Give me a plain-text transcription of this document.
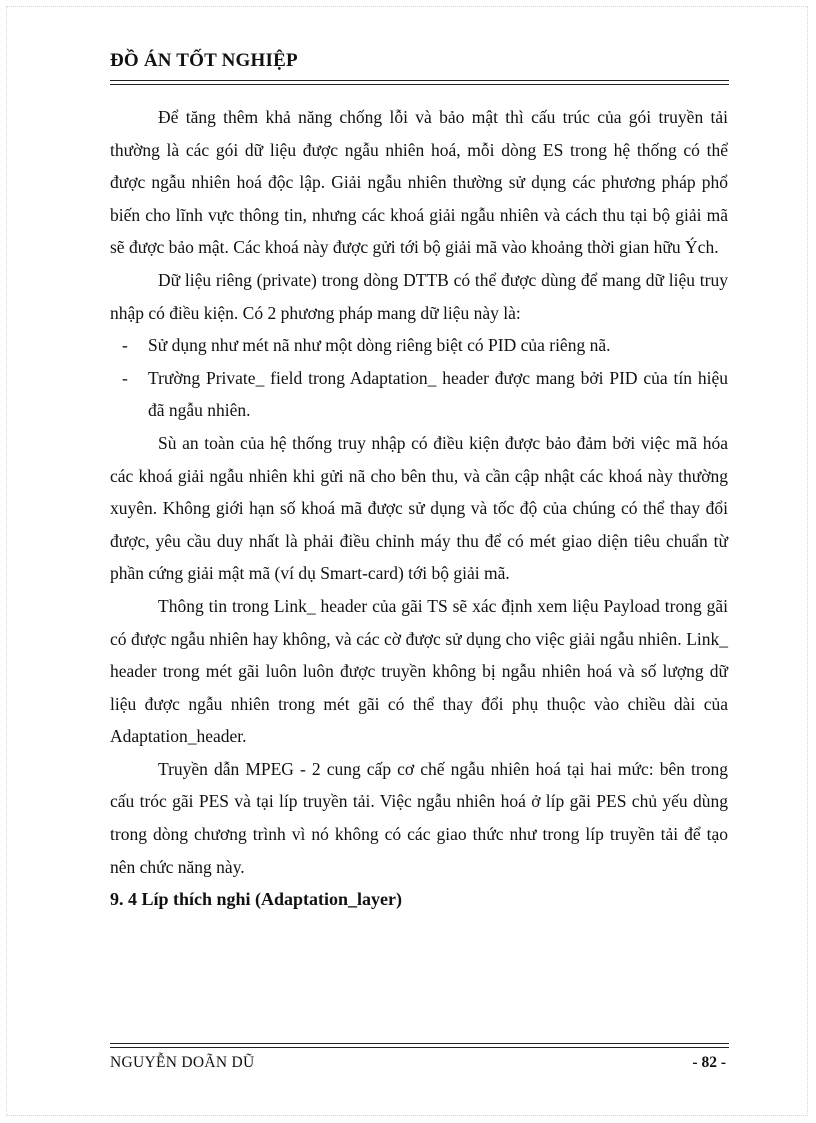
ĐỒ ÁN TỐT NGHIỆP

Để tăng thêm khả năng chống lỗi và bảo mật thì cấu trúc của gói truyền tải thường là các gói dữ liệu được ngẫu nhiên hoá, mỗi dòng ES trong hệ thống có thể được ngẫu nhiên hoá độc lập. Giải ngẫu nhiên thường sử dụng các phương pháp phổ biến cho lĩnh vực thông tin, nhưng các khoá giải ngẫu nhiên và cách thu tại bộ giải mã sẽ được bảo mật. Các khoá này được gửi tới bộ giải mã vào khoảng thời gian hữu Ých.

Dữ liệu riêng (private) trong dòng DTTB có thể được dùng để mang dữ liệu truy nhập có điều kiện. Có 2 phương pháp mang dữ liệu này là:

- Sử dụng như mét nã như một dòng riêng biệt có PID của riêng nã.
- Trường Private_ field trong Adaptation_ header được mang bởi PID của tín hiệu đã ngẫu nhiên.

Sù an toàn của hệ thống truy nhập có điều kiện được bảo đảm bởi việc mã hóa các khoá giải ngẫu nhiên khi gửi nã cho bên thu, và cần cập nhật các khoá này thường xuyên. Không giới hạn số khoá mã được sử dụng và tốc độ của chúng có thể thay đổi được, yêu cầu duy nhất là phải điều chỉnh máy thu để có mét giao diện tiêu chuẩn từ phần cứng giải mật mã (ví dụ Smart-card) tới bộ giải mã.

Thông tin trong Link_ header của gãi TS sẽ xác định xem liệu Payload trong gãi có được ngẫu nhiên hay không, và các cờ được sử dụng cho việc giải ngẫu nhiên. Link_ header trong mét gãi luôn luôn được truyền không bị ngẫu nhiên hoá và số lượng dữ liệu được ngẫu nhiên trong mét gãi có thể thay đổi phụ thuộc vào chiều dài của Adaptation_header.

Truyền dẫn MPEG - 2 cung cấp cơ chế ngẫu nhiên hoá tại hai mức: bên trong cấu tróc gãi PES và tại líp truyền tải. Việc ngẫu nhiên hoá ở líp gãi PES chủ yếu dùng trong dòng chương trình vì nó không có các giao thức như trong líp truyền tải để tạo nên chức năng này.

9. 4 Líp thích nghi (Adaptation_layer)

NGUYỄN DOÃN DŨ	- 82 -
